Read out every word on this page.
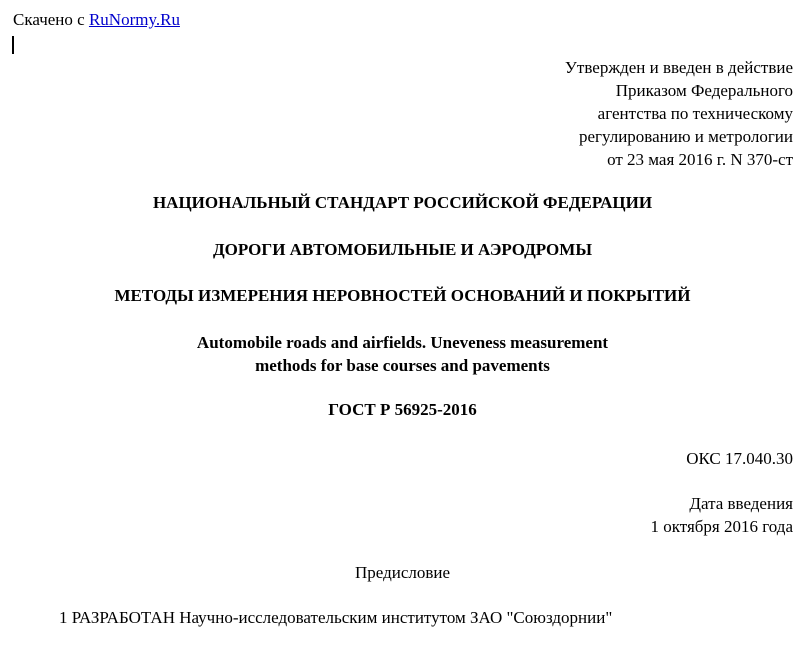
Скачено с RuNormy.Ru
Утвержден и введен в действие
Приказом Федерального
агентства по техническому
регулированию и метрологии
от 23 мая 2016 г. N 370-ст
НАЦИОНАЛЬНЫЙ СТАНДАРТ РОССИЙСКОЙ ФЕДЕРАЦИИ
ДОРОГИ АВТОМОБИЛЬНЫЕ И АЭРОДРОМЫ
МЕТОДЫ ИЗМЕРЕНИЯ НЕРОВНОСТЕЙ ОСНОВАНИЙ И ПОКРЫТИЙ
Automobile roads and airfields. Uneveness measurement
methods for base courses and pavements
ГОСТ Р 56925-2016
ОКС 17.040.30
Дата введения
1 октября 2016 года
Предисловие
1 РАЗРАБОТАН Научно-исследовательским институтом ЗАО "Союздорнии"
